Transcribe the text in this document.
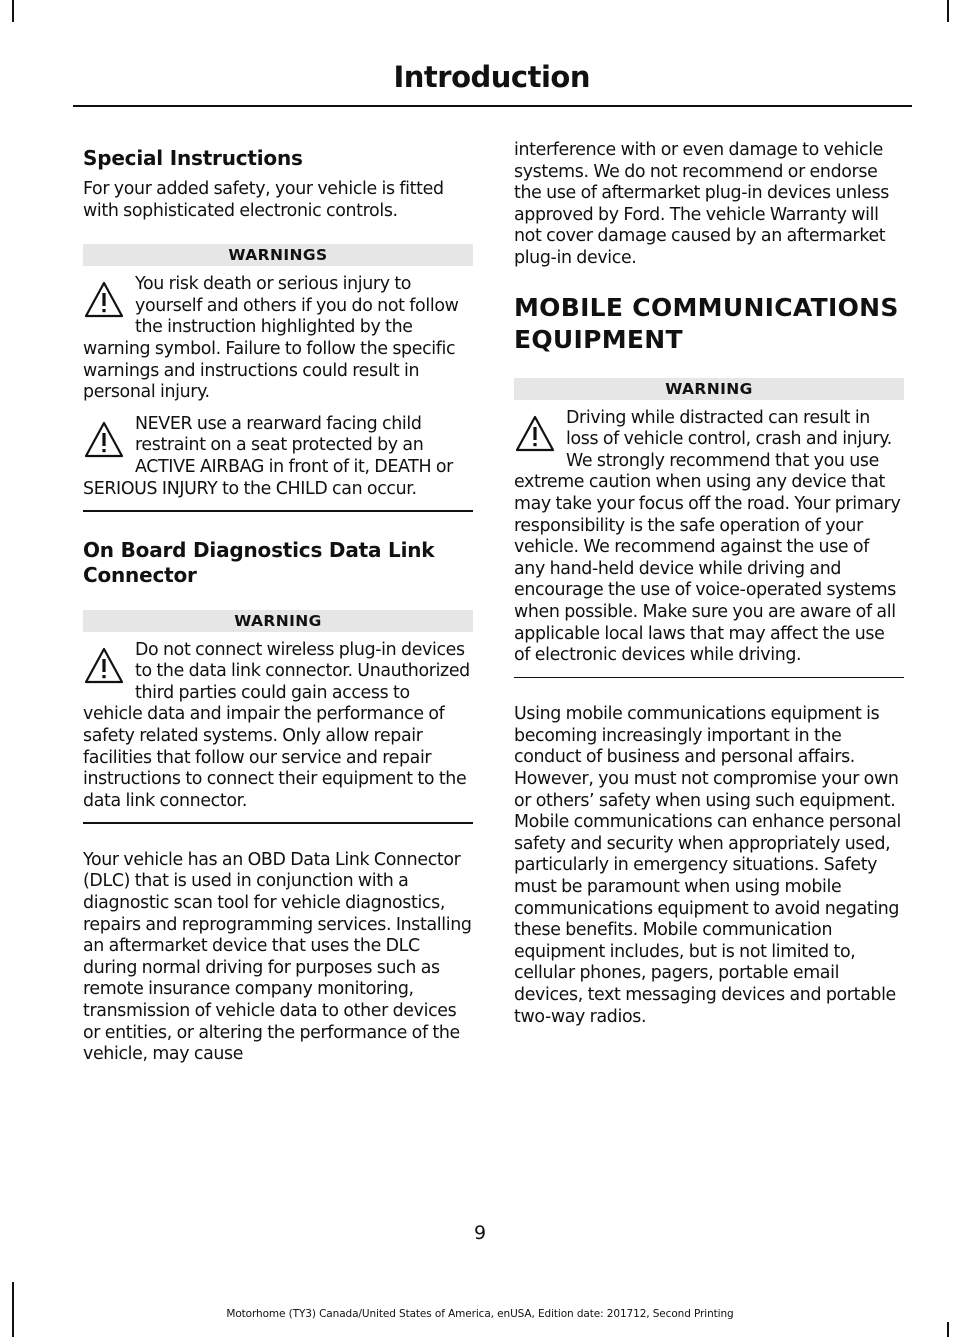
Introduction
Special Instructions

For your added safety, your vehicle is fitted with sophisticated electronic controls.

WARNINGS

You risk death or serious injury to yourself and others if you do not follow the instruction highlighted by the warning symbol. Failure to follow the specific warnings and instructions could result in personal injury.

NEVER use a rearward facing child restraint on a seat protected by an ACTIVE AIRBAG in front of it, DEATH or SERIOUS INJURY to the CHILD can occur.

On Board Diagnostics Data Link Connector
WARNING

Do not connect wireless plug-in devices to the data link connector. Unauthorized third parties could gain access to vehicle data and impair the performance of safety related systems. Only allow repair facilities that follow our service and repair instructions to connect their equipment to the data link connector.

Your vehicle has an OBD Data Link Connector (DLC) that is used in conjunction with a diagnostic scan tool for vehicle diagnostics, repairs and reprogramming services. Installing an aftermarket device that uses the DLC during normal driving for purposes such as remote insurance company monitoring, transmission of vehicle data to other devices or entities, or altering the performance of the vehicle, may cause

interference with or even damage to vehicle systems. We do not recommend or endorse the use of aftermarket plug-in devices unless approved by Ford. The vehicle Warranty will not cover damage caused by an aftermarket plug-in device.

MOBILE COMMUNICATIONS EQUIPMENT
WARNING

Driving while distracted can result in loss of vehicle control, crash and injury. We strongly recommend that you use extreme caution when using any device that may take your focus off the road. Your primary responsibility is the safe operation of your vehicle. We recommend against the use of any hand-held device while driving and encourage the use of voice-operated systems when possible. Make sure you are aware of all applicable local laws that may affect the use of electronic devices while driving.

Using mobile communications equipment is becoming increasingly important in the conduct of business and personal affairs. However, you must not compromise your own or others’ safety when using such equipment. Mobile communications can enhance personal safety and security when appropriately used, particularly in emergency situations. Safety must be paramount when using mobile communications equipment to avoid negating these benefits. Mobile communication equipment includes, but is not limited to, cellular phones, pagers, portable email devices, text messaging devices and portable two-way radios.

9
Motorhome (TY3) Canada/United States of America, enUSA, Edition date: 201712, Second Printing
